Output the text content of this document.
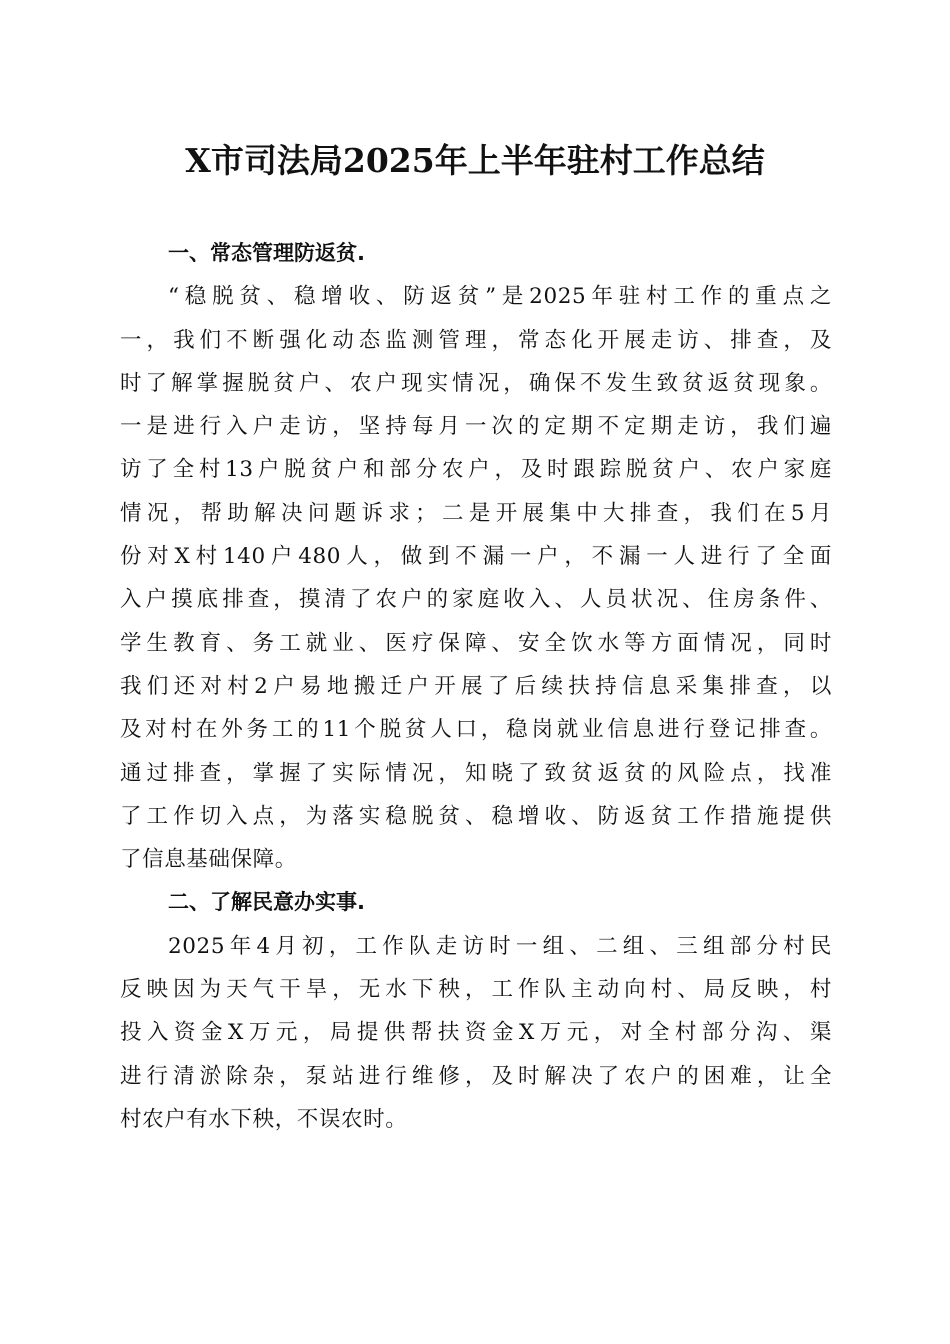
X市司法局2025年上半年驻村工作总结
一、常态管理防返贫.
“稳脱贫、稳增收、防返贫”是2025年驻村工作的重点之
一，我们不断强化动态监测管理，常态化开展走访、排查，及
时了解掌握脱贫户、农户现实情况，确保不发生致贫返贫现象。
一是进行入户走访，坚持每月一次的定期不定期走访，我们遍
访了全村13户脱贫户和部分农户，及时跟踪脱贫户、农户家庭
情况，帮助解决问题诉求；二是开展集中大排查，我们在5月
份对X村140户480人，做到不漏一户，不漏一人进行了全面
入户摸底排查，摸清了农户的家庭收入、人员状况、住房条件、
学生教育、务工就业、医疗保障、安全饮水等方面情况，同时
我们还对村2户易地搬迁户开展了后续扶持信息采集排查，以
及对村在外务工的11个脱贫人口，稳岗就业信息进行登记排查。
通过排查，掌握了实际情况，知晓了致贫返贫的风险点，找准
了工作切入点，为落实稳脱贫、稳增收、防返贫工作措施提供
了信息基础保障。
二、了解民意办实事.
2025年4月初，工作队走访时一组、二组、三组部分村民
反映因为天气干旱，无水下秧，工作队主动向村、局反映，村
投入资金X万元，局提供帮扶资金X万元，对全村部分沟、渠
进行清淤除杂，泵站进行维修，及时解决了农户的困难，让全
村农户有水下秧，不误农时。
